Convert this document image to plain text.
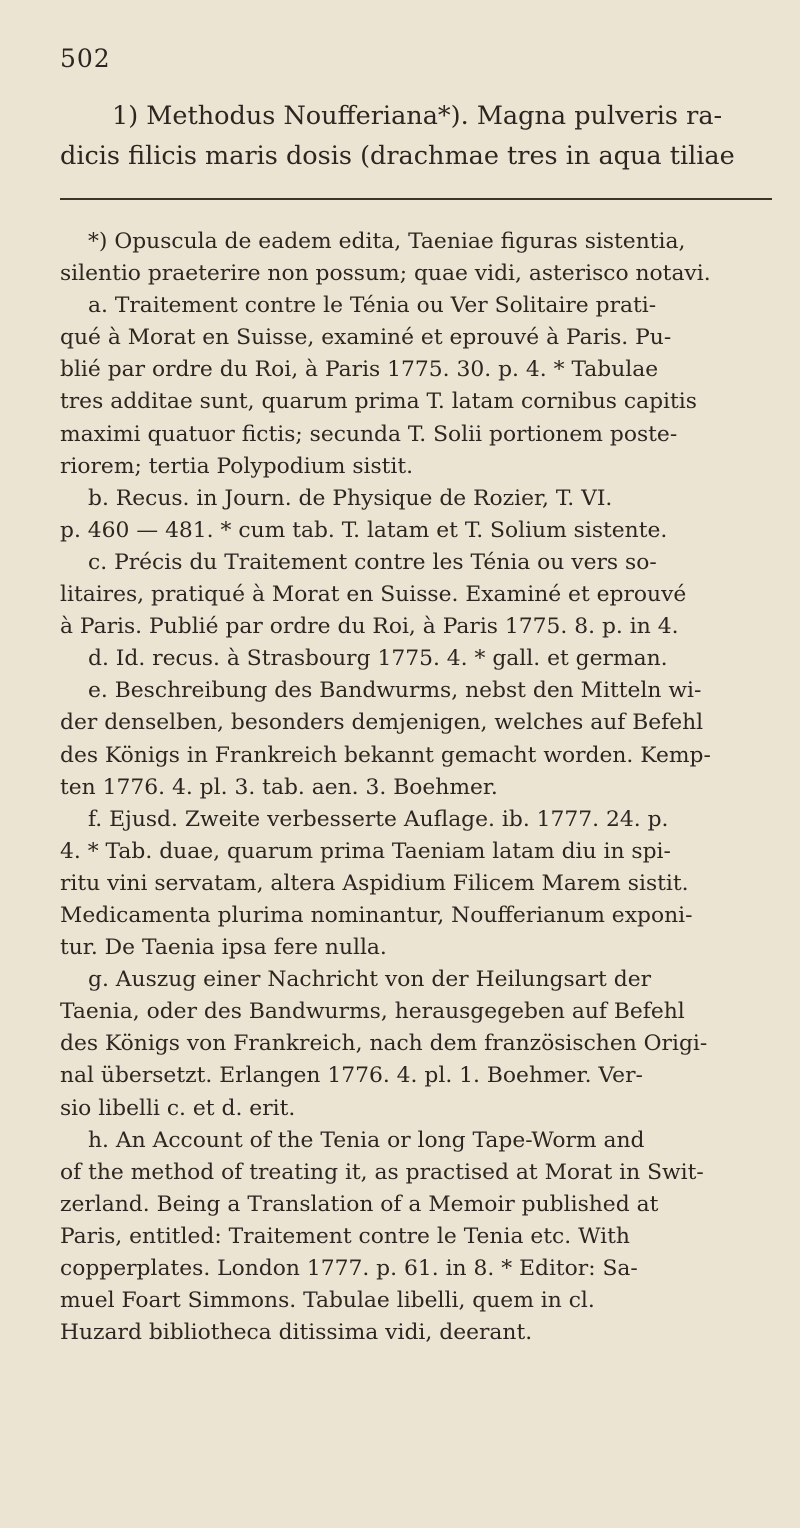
502
1) Methodus Noufferiana*). Magna pulveris ra-
dicis filicis maris dosis (drachmae tres in aqua tiliae
*) Opuscula de eadem edita, Taeniae figuras sistentia,
silentio praeterire non possum; quae vidi, asterisco notavi.
a. Traitement contre le Ténia ou Ver Solitaire prati-
qué à Morat en Suisse, examiné et eprouvé à Paris. Pu-
blié par ordre du Roi, à Paris 1775. 30. p. 4. * Tabulae
tres additae sunt, quarum prima T. latam cornibus capitis
maximi quatuor fictis; secunda T. Solii portionem poste-
riorem; tertia Polypodium sistit.
b. Recus. in Journ. de Physique de Rozier, T. VI.
p. 460 — 481. * cum tab. T. latam et T. Solium sistente.
c. Précis du Traitement contre les Ténia ou vers so-
litaires, pratiqué à Morat en Suisse. Examiné et eprouvé
à Paris. Publié par ordre du Roi, à Paris 1775. 8. p. in 4.
d. Id. recus. à Strasbourg 1775. 4. * gall. et german.
e. Beschreibung des Bandwurms, nebst den Mitteln wi-
der denselben, besonders demjenigen, welches auf Befehl
des Königs in Frankreich bekannt gemacht worden. Kemp-
ten 1776. 4. pl. 3. tab. aen. 3. Boehmer.
f. Ejusd. Zweite verbesserte Auflage. ib. 1777. 24. p.
4. * Tab. duae, quarum prima Taeniam latam diu in spi-
ritu vini servatam, altera Aspidium Filicem Marem sistit.
Medicamenta plurima nominantur, Noufferianum exponi-
tur. De Taenia ipsa fere nulla.
g. Auszug einer Nachricht von der Heilungsart der
Taenia, oder des Bandwurms, herausgegeben auf Befehl
des Königs von Frankreich, nach dem französischen Origi-
nal übersetzt. Erlangen 1776. 4. pl. 1. Boehmer. Ver-
sio libelli c. et d. erit.
h. An Account of the Tenia or long Tape-Worm and
of the method of treating it, as practised at Morat in Swit-
zerland. Being a Translation of a Memoir published at
Paris, entitled: Traitement contre le Tenia etc. With
copperplates. London 1777. p. 61. in 8. * Editor: Sa-
muel Foart Simmons. Tabulae libelli, quem in cl.
Huzard bibliotheca ditissima vidi, deerant.
